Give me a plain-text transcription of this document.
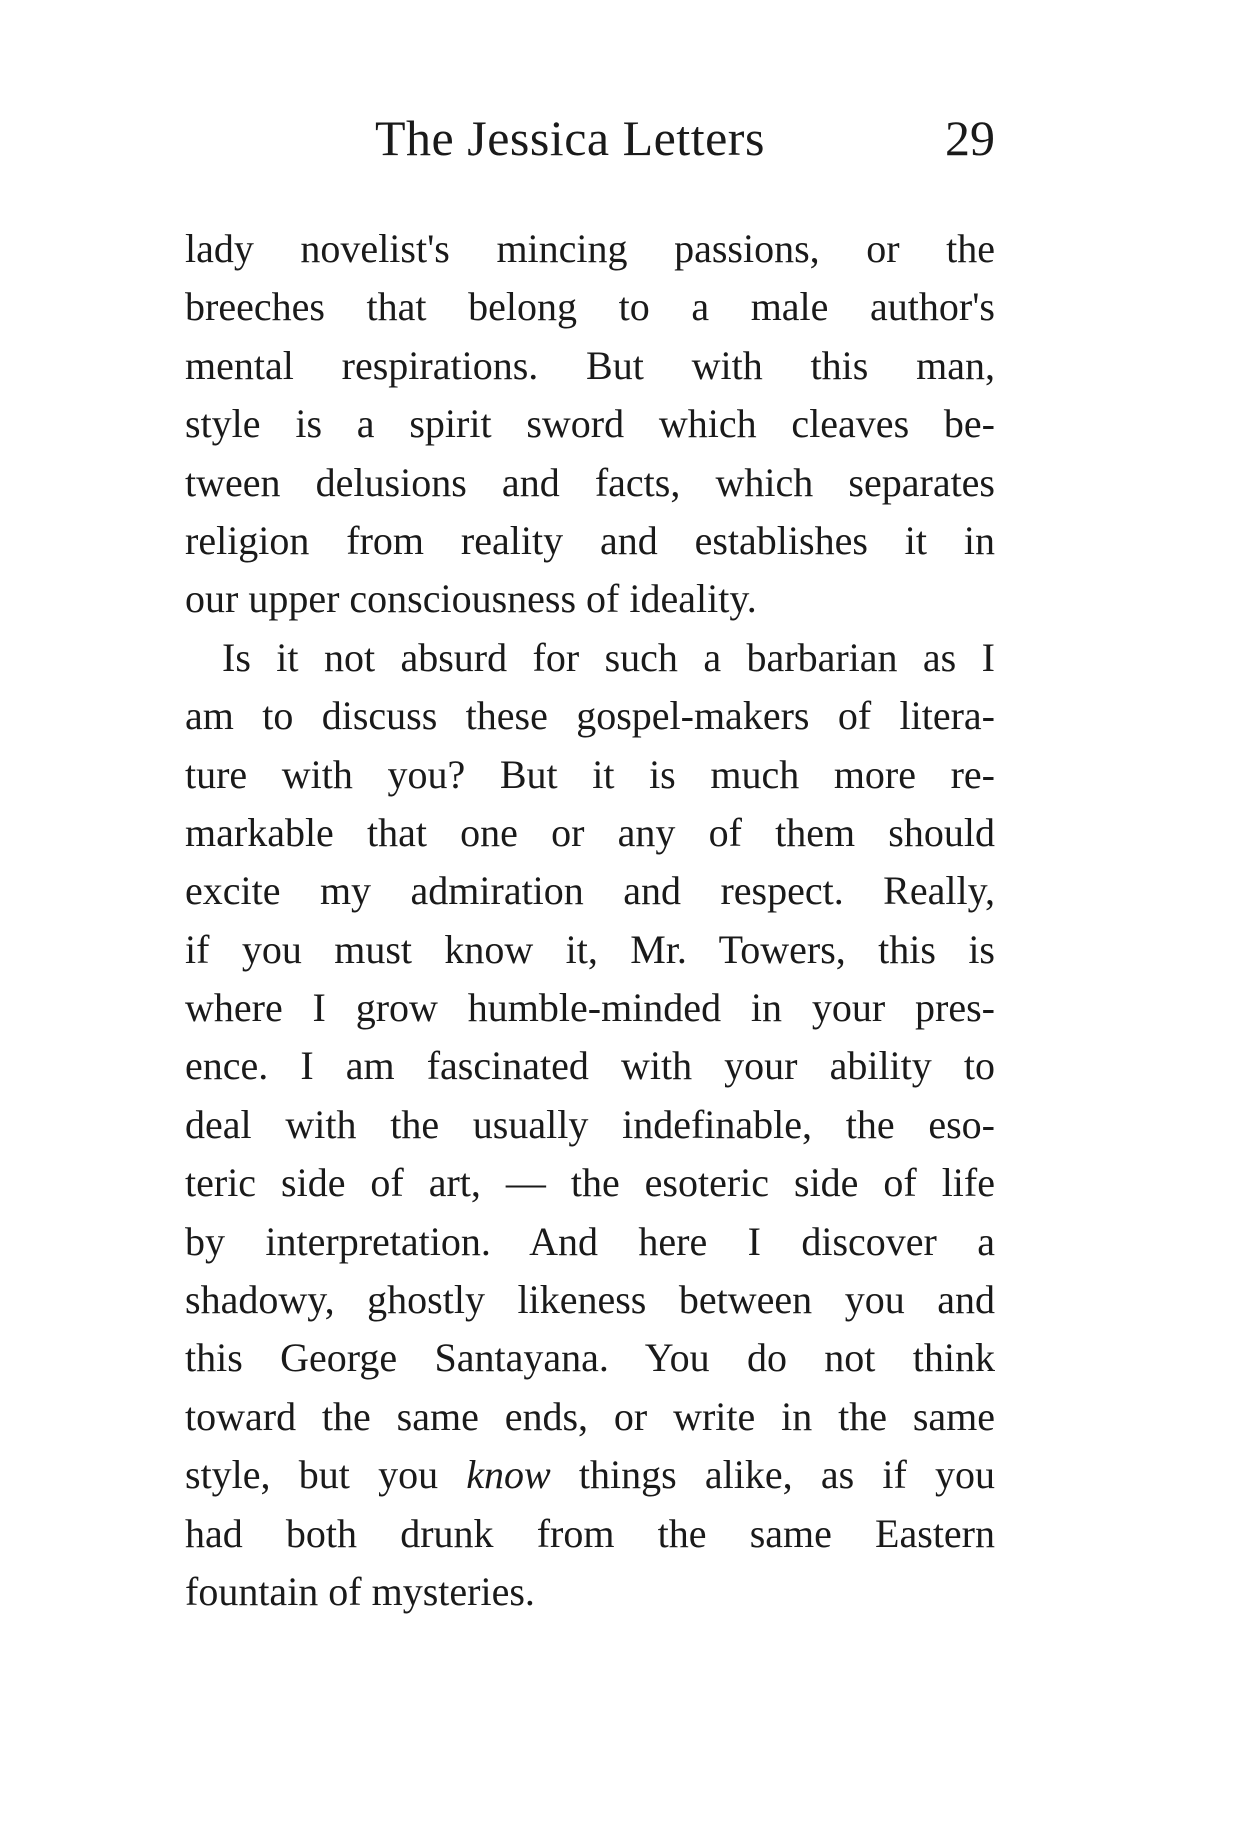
The Jessica Letters	29
lady novelist's mincing passions, or the
breeches that belong to a male author's
mental respirations. But with this man,
style is a spirit sword which cleaves be-
tween delusions and facts, which separates
religion from reality and establishes it in
our upper consciousness of ideality.
Is it not absurd for such a barbarian as I
am to discuss these gospel-makers of litera-
ture with you? But it is much more re-
markable that one or any of them should
excite my admiration and respect. Really,
if you must know it, Mr. Towers, this is
where I grow humble-minded in your pres-
ence. I am fascinated with your ability to
deal with the usually indefinable, the eso-
teric side of art, — the esoteric side of life
by interpretation. And here I discover a
shadowy, ghostly likeness between you and
this George Santayana. You do not think
toward the same ends, or write in the same
style, but you know things alike, as if you
had both drunk from the same Eastern
fountain of mysteries.
